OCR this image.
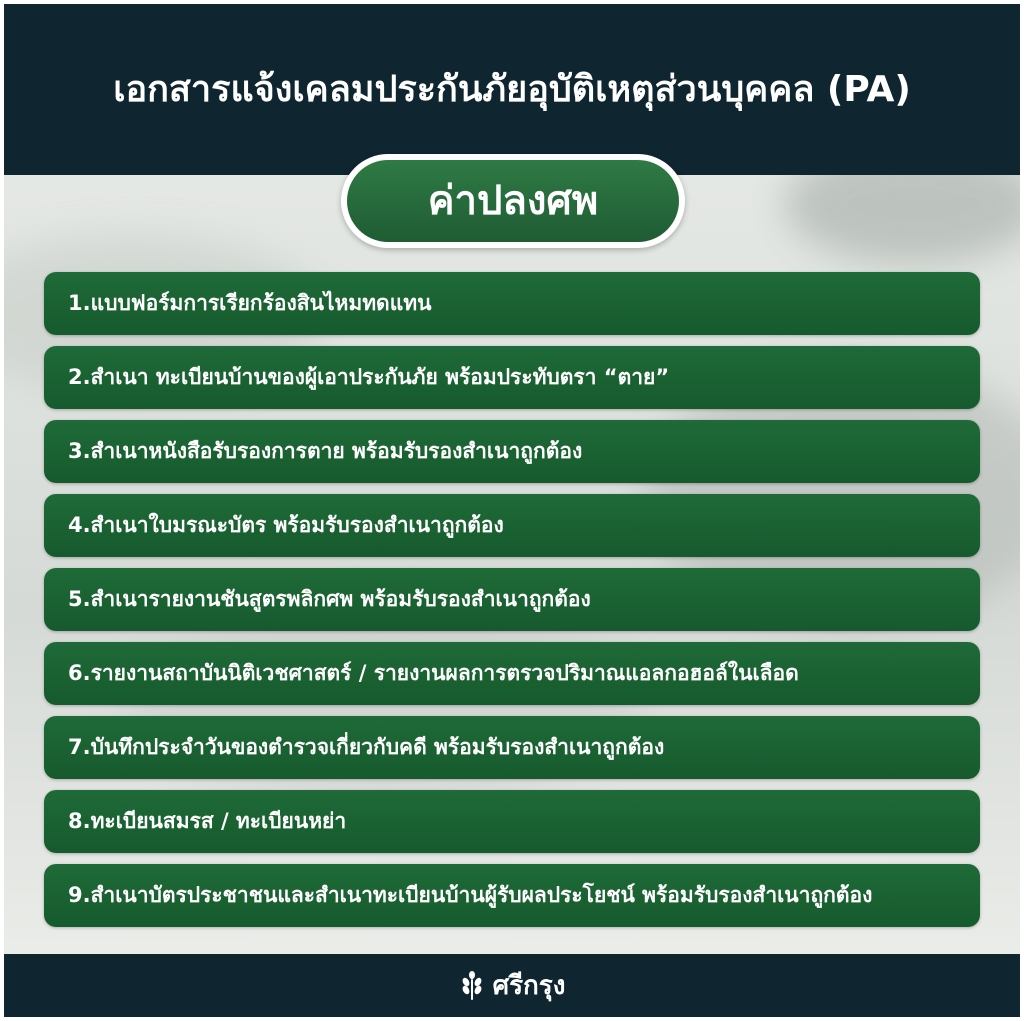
เอกสารแจ้งเคลมประกันภัยอุบัติเหตุส่วนบุคคล (PA)
ค่าปลงศพ
1.แบบฟอร์มการเรียกร้องสินไหมทดแทน
2.สำเนา ทะเบียนบ้านของผู้เอาประกันภัย พร้อมประทับตรา “ตาย”
3.สำเนาหนังสือรับรองการตาย พร้อมรับรองสำเนาถูกต้อง
4.สำเนาใบมรณะบัตร พร้อมรับรองสำเนาถูกต้อง
5.สำเนารายงานชันสูตรพลิกศพ พร้อมรับรองสำเนาถูกต้อง
6.รายงานสถาบันนิติเวชศาสตร์ / รายงานผลการตรวจปริมาณแอลกอฮอล์ในเลือด
7.บันทึกประจำวันของตำรวจเกี่ยวกับคดี พร้อมรับรองสำเนาถูกต้อง
8.ทะเบียนสมรส / ทะเบียนหย่า
9.สำเนาบัตรประชาชนและสำเนาทะเบียนบ้านผู้รับผลประโยชน์ พร้อมรับรองสำเนาถูกต้อง
ศรีกรุง
